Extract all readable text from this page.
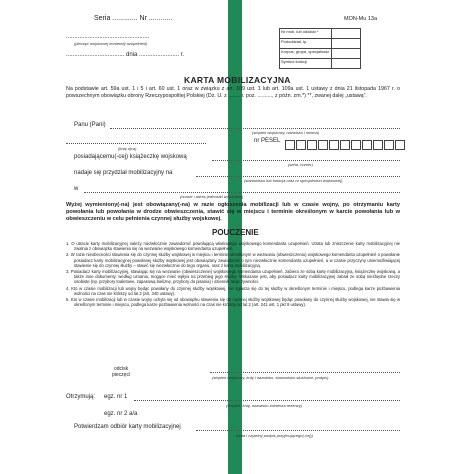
Seria ............. Nr ............
..................................................
(pieczęć wojskowej komendy uzupełnień)
................................... dnia ........................ r.
MON-Mu 13a
Nr mob. lub oddział *	
Pododdział, lp.	
Korpus, grupa, specjalność	
Symbol funkcji	
KARTA MOBILIZACYJNA
Na podstawie art. 59a ust. 1 i 5 i art. 60 ust. 1 oraz w związku z art. 109 ust. 1 lub art. 109a ust. 1 ustawy z dnia 21 listopada 1967 r. o powszechnym obowiązku obrony Rzeczypospolitej Polskiej (Dz. U. z ........ r. poz. .........., z późn. zm.*) **, zwanej dalej „ustawą”.
Panu (Pani)
(stopień wojskowy, nazwisko i imiona)
(imię ojca)
nr PESEL
posiadającemu(-cej) książeczkę wojskową
(seria, numer)
nadaje się przydział mobilizacyjny na
(stanowisko lub funkcja oraz nr specjalności wojskowej)
w
(numer i adres jednostki wojskowej)
Wyżej wymieniony(-na) jest obowiązany(-na) w razie ogłoszenia mobilizacji lub w czasie wojny, po otrzymaniu karty powołania lub powołania w drodze obwieszczenia, stawić się w miejscu i terminie określonym w karcie powołania lub w obwieszczeniu w celu pełnienia czynnej służby wojskowej.
POUCZENIE
1. O utracie karty mobilizacyjnej należy niezwłocznie zawiadomić powołującą właściwego wojskowego komendanta uzupełnień. Utrata lub zniszczenie karty mobilizacyjnej nie zwalnia z obowiązku stawienia się na wezwanie wojskowego komendanta uzupełnień.
2. W razie nieobecności stawienia się do czynnej służby wojskowej w miejscu i terminie określonym w wezwaniu (obwieszczeniu) wojskowego komendanta uzupełnień o powołanie posiadacz karty mobilizacyjnej powołanej służby wojskowej jest obowiązany zawiadomić o tym niezwłocznie komendanta uzupełnień, a w czasie przyczyny uniemożliwiającej stawienie się do czynnej służby – stawić się niezwłocznie do tego organu, oraz z kartą mobilizacyjną.
3. Posiadacz karty mobilizacyjnej, stawiając się na wezwanie (obwieszczenie) wojskowego komendanta uzupełnień, zabiera ze sobą kartę mobilizacyjną, książeczkę wojskową, a także inne dokumenty, według uznania, mogące mieć wpływ na przebieg jego służby. Wskazane jest, aby posiadacz karty mobilizacyjnej zabrał ze sobą niezbędne rzeczy osobiste (np. przybory toaletowe, zapasową bieliznę, przybory do pisania) i dziennik racje żywności.
4. Kto w czasie mobilizacji lub wojny będąc powołany do czynnej służby wojskowej, nie zgłasza się do tej służby w określonym terminie i miejscu, podlega karze pozbawienia wolności na czas nie krótszy od lat 2 (art. 340 ustawy).
5. Kto w czasie mobilizacji lub w czasie wojny uchyla się od obowiązku stawienia się do czynnej służby wojskowej będąc powołany do czynnej służby wojskowej, nie stawia się w określonym terminie i miejscu, podlega karze pozbawienia wolności na czas nie krótszy od lat 2 (art. 241 ust. 1 pkt 9 ustawy).
odcisk
pieczęci	(stopień wojskowy, imię i nazwisko, stanowisko służbowe, podpis)
Otrzymują: egz. nr 1
(stopień, imię, nazwisko żołnierza rezerwy)
egz. nr 2 a/a
Potwierdzam odbiór karty mobilizacyjnej
(data i czytelny podpis przyjmującego(-cej))
